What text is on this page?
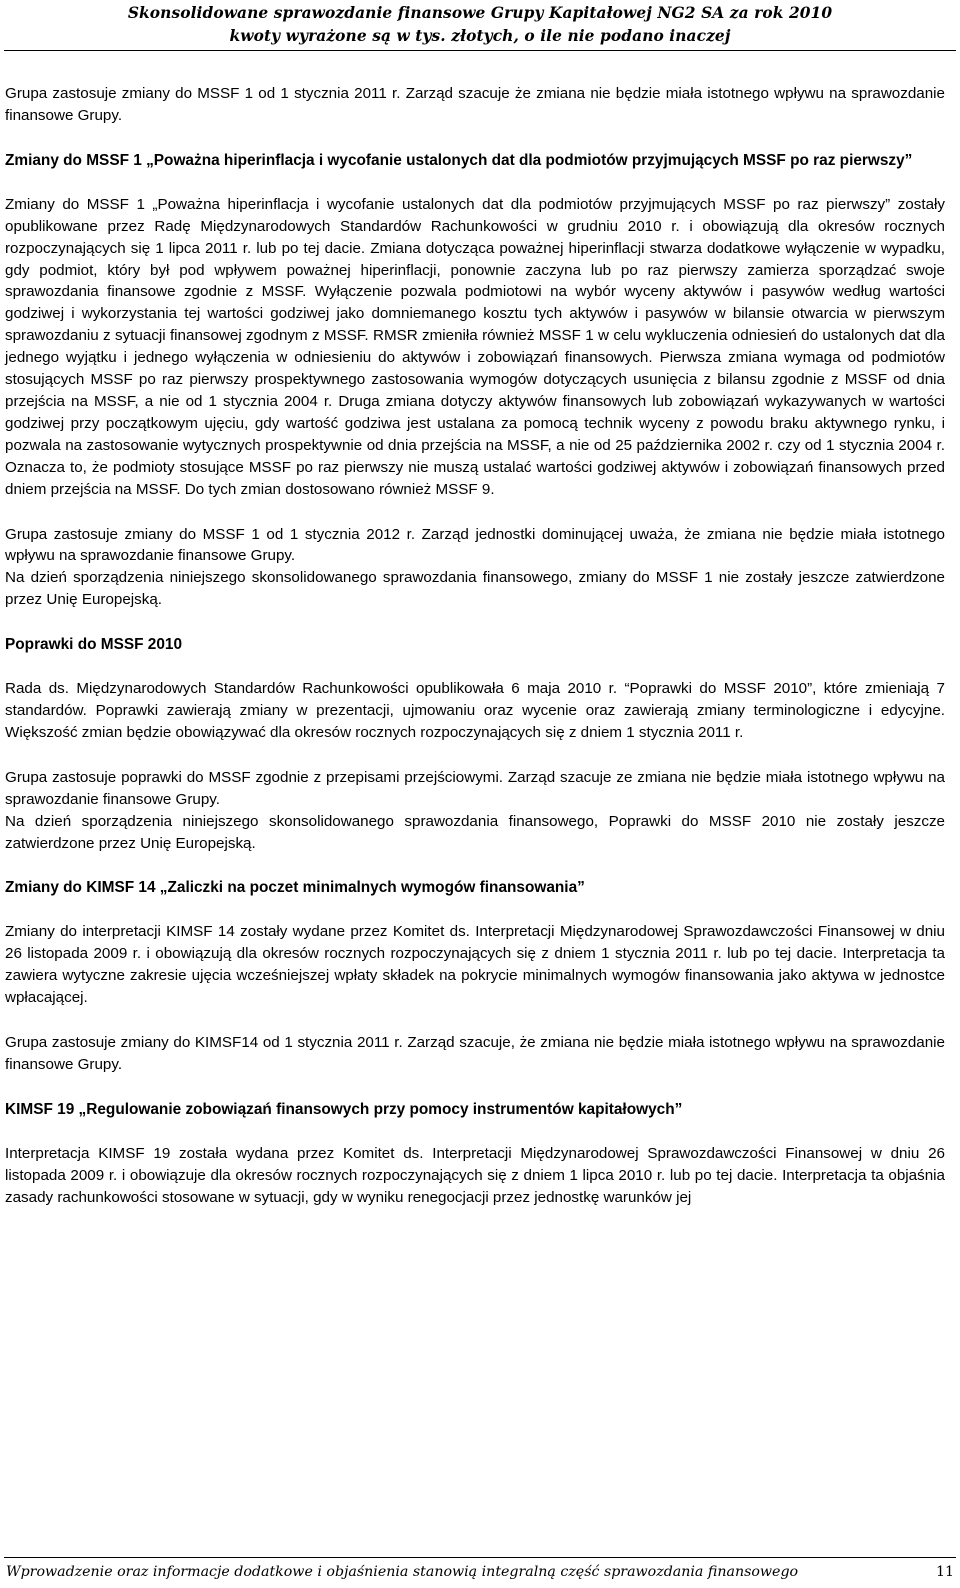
Skonsolidowane sprawozdanie finansowe Grupy Kapitałowej NG2 SA za rok 2010
kwoty wyrażone są w tys. złotych, o ile nie podano inaczej

Grupa zastosuje zmiany do MSSF 1 od 1 stycznia 2011 r. Zarząd szacuje że zmiana nie będzie miała istotnego wpływu na sprawozdanie finansowe Grupy.

Zmiany do MSSF 1 „Poważna hiperinflacja i wycofanie ustalonych dat dla podmiotów przyjmujących MSSF po raz pierwszy”

Zmiany do MSSF 1 „Poważna hiperinflacja i wycofanie ustalonych dat dla podmiotów przyjmujących MSSF po raz pierwszy” zostały opublikowane przez Radę Międzynarodowych Standardów Rachunkowości w grudniu 2010 r. i obowiązują dla okresów rocznych rozpoczynających się 1 lipca 2011 r. lub po tej dacie. Zmiana dotycząca poważnej hiperinflacji stwarza dodatkowe wyłączenie w wypadku, gdy podmiot, który był pod wpływem poważnej hiperinflacji, ponownie zaczyna lub po raz pierwszy zamierza sporządzać swoje sprawozdania finansowe zgodnie z MSSF. Wyłączenie pozwala podmiotowi na wybór wyceny aktywów i pasywów według wartości godziwej i wykorzystania tej wartości godziwej jako domniemanego kosztu tych aktywów i pasywów w bilansie otwarcia w pierwszym sprawozdaniu z sytuacji finansowej zgodnym z MSSF. RMSR zmieniła również MSSF 1 w celu wykluczenia odniesień do ustalonych dat dla jednego wyjątku i jednego wyłączenia w odniesieniu do aktywów i zobowiązań finansowych. Pierwsza zmiana wymaga od podmiotów stosujących MSSF po raz pierwszy prospektywnego zastosowania wymogów dotyczących usunięcia z bilansu zgodnie z MSSF od dnia przejścia na MSSF, a nie od 1 stycznia 2004 r. Druga zmiana dotyczy aktywów finansowych lub zobowiązań wykazywanych w wartości godziwej przy początkowym ujęciu, gdy wartość godziwa jest ustalana za pomocą technik wyceny z powodu braku aktywnego rynku, i pozwala na zastosowanie wytycznych prospektywnie od dnia przejścia na MSSF, a nie od 25 października 2002 r. czy od 1 stycznia 2004 r. Oznacza to, że podmioty stosujące MSSF po raz pierwszy nie muszą ustalać wartości godziwej aktywów i zobowiązań finansowych przed dniem przejścia na MSSF. Do tych zmian dostosowano również MSSF 9.

Grupa zastosuje zmiany do MSSF 1 od 1 stycznia 2012 r. Zarząd jednostki dominującej uważa, że zmiana nie będzie miała istotnego wpływu na sprawozdanie finansowe Grupy.

Na dzień sporządzenia niniejszego skonsolidowanego sprawozdania finansowego, zmiany do MSSF 1 nie zostały jeszcze zatwierdzone przez Unię Europejską.

Poprawki do MSSF 2010

Rada ds. Międzynarodowych Standardów Rachunkowości opublikowała 6 maja 2010 r. “Poprawki do MSSF 2010”, które zmieniają 7 standardów. Poprawki zawierają zmiany w prezentacji, ujmowaniu oraz wycenie oraz zawierają zmiany terminologiczne i edycyjne. Większość zmian będzie obowiązywać dla okresów rocznych rozpoczynających się z dniem 1 stycznia 2011 r.

Grupa zastosuje poprawki do MSSF zgodnie z przepisami przejściowymi. Zarząd szacuje ze zmiana nie będzie miała istotnego wpływu na sprawozdanie finansowe Grupy.

Na dzień sporządzenia niniejszego skonsolidowanego sprawozdania finansowego, Poprawki do MSSF 2010 nie zostały jeszcze zatwierdzone przez Unię Europejską.

Zmiany do KIMSF 14 „Zaliczki na poczet minimalnych wymogów finansowania”

Zmiany do interpretacji KIMSF 14 zostały wydane przez Komitet ds. Interpretacji Międzynarodowej Sprawozdawczości Finansowej w dniu 26 listopada 2009 r. i obowiązują dla okresów rocznych rozpoczynających się z dniem 1 stycznia 2011 r. lub po tej dacie. Interpretacja ta zawiera wytyczne zakresie ujęcia wcześniejszej wpłaty składek na pokrycie minimalnych wymogów finansowania jako aktywa w jednostce wpłacającej.

Grupa zastosuje zmiany do KIMSF14 od 1 stycznia 2011 r. Zarząd szacuje, że zmiana nie będzie miała istotnego wpływu na sprawozdanie finansowe Grupy.

KIMSF 19 „Regulowanie zobowiązań finansowych przy pomocy instrumentów kapitałowych”

Interpretacja KIMSF 19 została wydana przez Komitet ds. Interpretacji Międzynarodowej Sprawozdawczości Finansowej w dniu 26 listopada 2009 r. i obowiązuje dla okresów rocznych rozpoczynających się z dniem 1 lipca 2010 r. lub po tej dacie. Interpretacja ta objaśnia zasady rachunkowości stosowane w sytuacji, gdy w wyniku renegocjacji przez jednostkę warunków jej

Wprowadzenie oraz informacje dodatkowe i objaśnienia stanowią integralną część sprawozdania finansowego	11
